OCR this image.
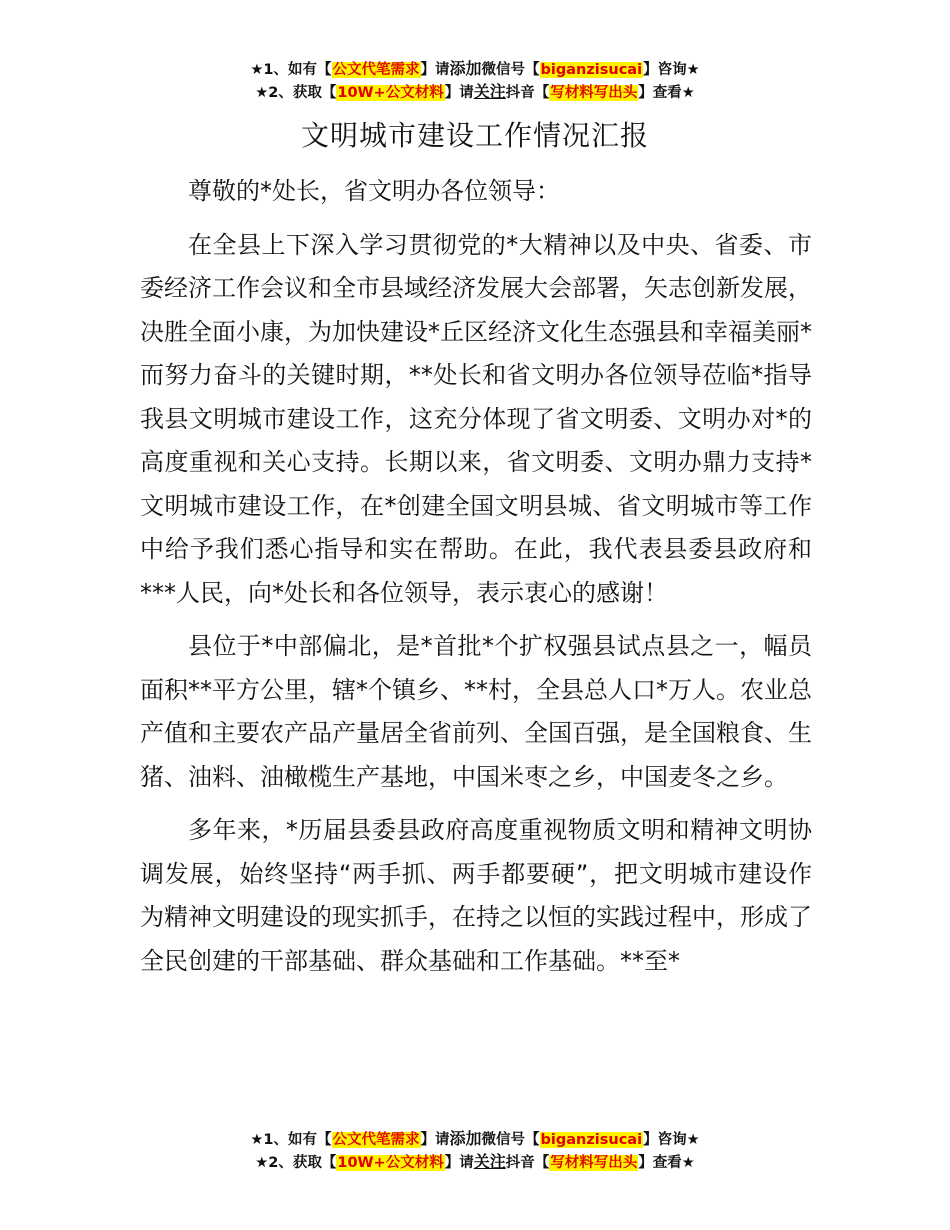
★1、如有【公文代笔需求】请添加微信号【biganzisucai】咨询★
★2、获取【10W+公文材料】请关注抖音【写材料写出头】查看★
文明城市建设工作情况汇报

尊敬的*处长，省文明办各位领导：

在全县上下深入学习贯彻党的*大精神以及中央、省委、市委经济工作会议和全市县域经济发展大会部署，矢志创新发展，决胜全面小康，为加快建设*丘区经济文化生态强县和幸福美丽*而努力奋斗的关键时期，**处长和省文明办各位领导莅临*指导我县文明城市建设工作，这充分体现了省文明委、文明办对*的高度重视和关心支持。长期以来，省文明委、文明办鼎力支持*文明城市建设工作，在*创建全国文明县城、省文明城市等工作中给予我们悉心指导和实在帮助。在此，我代表县委县政府和***人民，向*处长和各位领导，表示衷心的感谢！

县位于*中部偏北，是*首批*个扩权强县试点县之一，幅员面积**平方公里，辖*个镇乡、**村，全县总人口*万人。农业总产值和主要农产品产量居全省前列、全国百强，是全国粮食、生猪、油料、油橄榄生产基地，中国米枣之乡，中国麦冬之乡。

多年来，*历届县委县政府高度重视物质文明和精神文明协调发展，始终坚持“两手抓、两手都要硬”，把文明城市建设作为精神文明建设的现实抓手，在持之以恒的实践过程中，形成了全民创建的干部基础、群众基础和工作基础。**至*

★1、如有【公文代笔需求】请添加微信号【biganzisucai】咨询★
★2、获取【10W+公文材料】请关注抖音【写材料写出头】查看★
